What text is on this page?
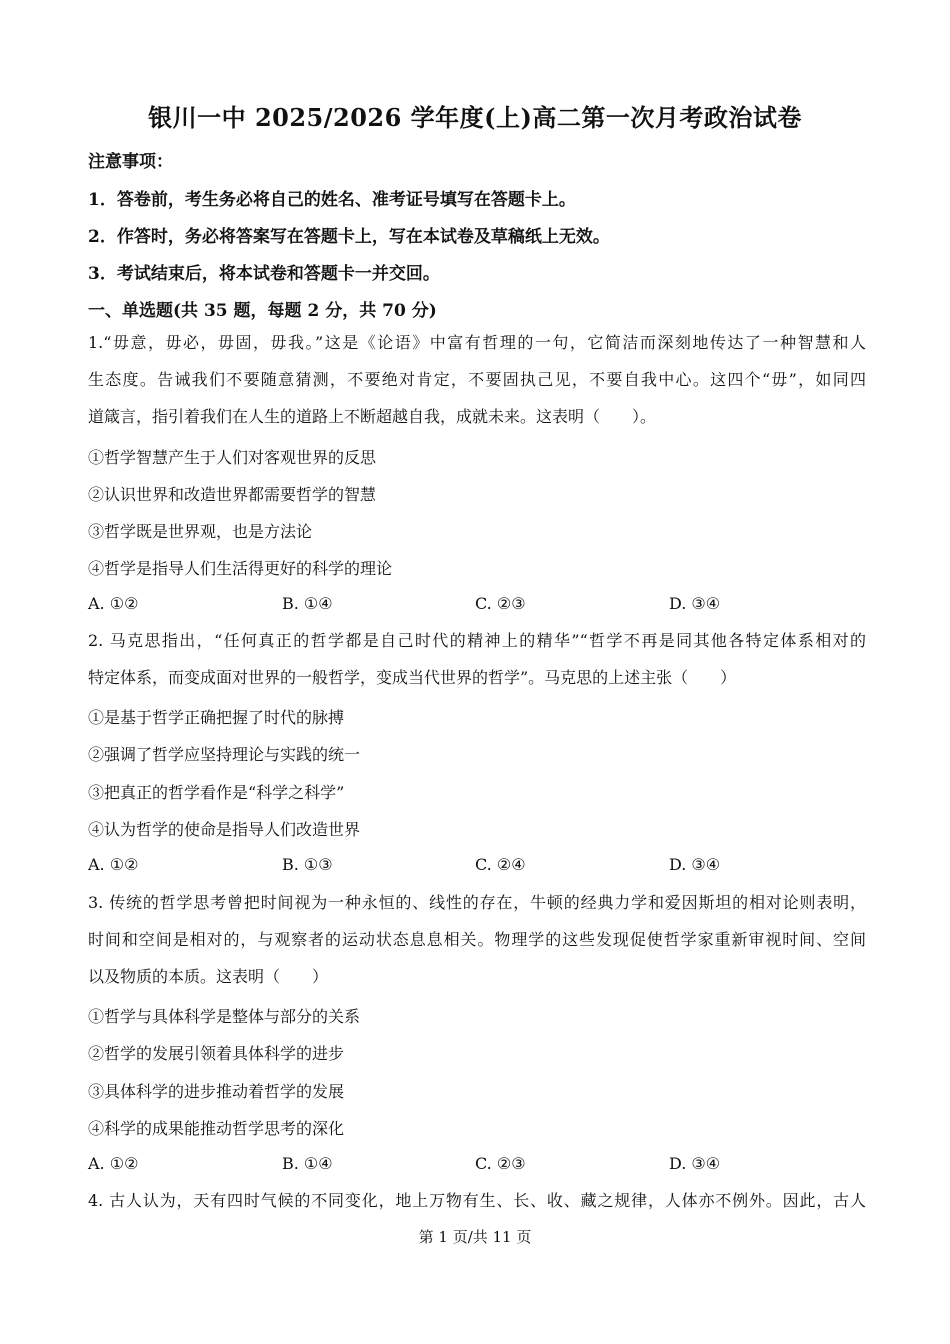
银川一中 2025/2026 学年度(上)高二第一次月考政治试卷
注意事项：
1．答卷前，考生务必将自己的姓名、准考证号填写在答题卡上。
2．作答时，务必将答案写在答题卡上，写在本试卷及草稿纸上无效。
3．考试结束后，将本试卷和答题卡一并交回。
一、单选题(共 35 题，每题 2 分，共 70 分)
1.“毋意，毋必，毋固，毋我。”这是《论语》中富有哲理的一句，它简洁而深刻地传达了一种智慧和人
生态度。告诫我们不要随意猜测，不要绝对肯定，不要固执己见，不要自我中心。这四个“毋”，如同四
道箴言，指引着我们在人生的道路上不断超越自我，成就未来。这表明（　　）。
①哲学智慧产生于人们对客观世界的反思
②认识世界和改造世界都需要哲学的智慧
③哲学既是世界观，也是方法论
④哲学是指导人们生活得更好的科学的理论
A. ①②	B. ①④	C. ②③	D. ③④
2. 马克思指出，“任何真正的哲学都是自己时代的精神上的精华”“哲学不再是同其他各特定体系相对的
特定体系，而变成面对世界的一般哲学，变成当代世界的哲学”。马克思的上述主张（　　）
①是基于哲学正确把握了时代的脉搏
②强调了哲学应坚持理论与实践的统一
③把真正的哲学看作是“科学之科学”
④认为哲学的使命是指导人们改造世界
A. ①②	B. ①③	C. ②④	D. ③④
3. 传统的哲学思考曾把时间视为一种永恒的、线性的存在，牛顿的经典力学和爱因斯坦的相对论则表明，
时间和空间是相对的，与观察者的运动状态息息相关。物理学的这些发现促使哲学家重新审视时间、空间
以及物质的本质。这表明（　　）
①哲学与具体科学是整体与部分的关系
②哲学的发展引领着具体科学的进步
③具体科学的进步推动着哲学的发展
④科学的成果能推动哲学思考的深化
A. ①②	B. ①④	C. ②③	D. ③④
4. 古人认为，天有四时气候的不同变化，地上万物有生、长、收、藏之规律，人体亦不例外。因此，古人
第 1 页/共 11 页
